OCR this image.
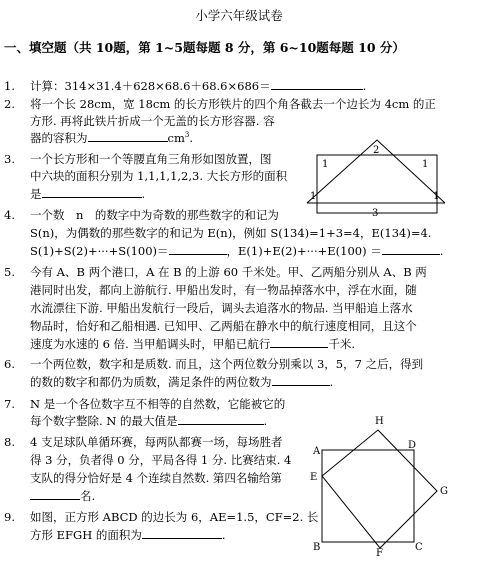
小学六年级试卷
一、填空题（共 10题，第 1~5题每题 8 分，第 6~10题每题 10 分）
1. 计算：314×31.4＋628×68.6＋68.6×686＝	.
2. 将一个长 28cm，宽 18cm 的长方形铁片的四个角各截去一个边长为 4cm 的正
方形. 再将此铁片折成一个无盖的长方形容器. 容
器的容积为	$cm^3$.
3. 一个长方形和一个等腰直角三角形如图放置，图
中六块的面积分别为 1,1,1,1,2,3. 大长方形的面积
是	.
2
1	1
1	1
3
4. 一个数　n　的数字中为奇数的那些数字的和记为
S(n)，为偶数的那些数字的和记为 E(n)，例如 S(134)=1+3=4，E(134)=4.
S(1)+S(2)+···+S(100)＝	，E(1)+E(2)+···+E(100) ＝	.
5. 今有 A、B 两个港口，A 在 B 的上游 60 千米处。甲、乙两船分别从 A、B 两
港同时出发，都向上游航行. 甲船出发时，有一物品掉落水中，浮在水面，随
水流漂往下游. 甲船出发航行一段后，调头去追落水的物品. 当甲船追上落水
物品时，恰好和乙船相遇. 已知甲、乙两船在静水中的航行速度相同，且这个
速度为水速的 6 倍. 当甲船调头时，甲船已航行	千米.
6. 一个两位数，数字和是质数. 而且，这个两位数分别乘以 3，5，7 之后，得到
的数的数字和都仍为质数，满足条件的两位数为	.
7. N 是一个各位数字互不相等的自然数，它能被它的
每个数字整除. N 的最大值是	.
8. 4 支足球队单循环赛，每两队都赛一场，每场胜者
得 3 分，负者得 0 分，平局各得 1 分. 比赛结束. 4
支队的得分恰好是 4 个连续自然数. 第四名输给第
名.
9. 如图，正方形 ABCD 的边长为 6，AE=1.5，CF=2. 长
方形 EFGH 的面积为	.
H
A
D
E
G
B
F
C
